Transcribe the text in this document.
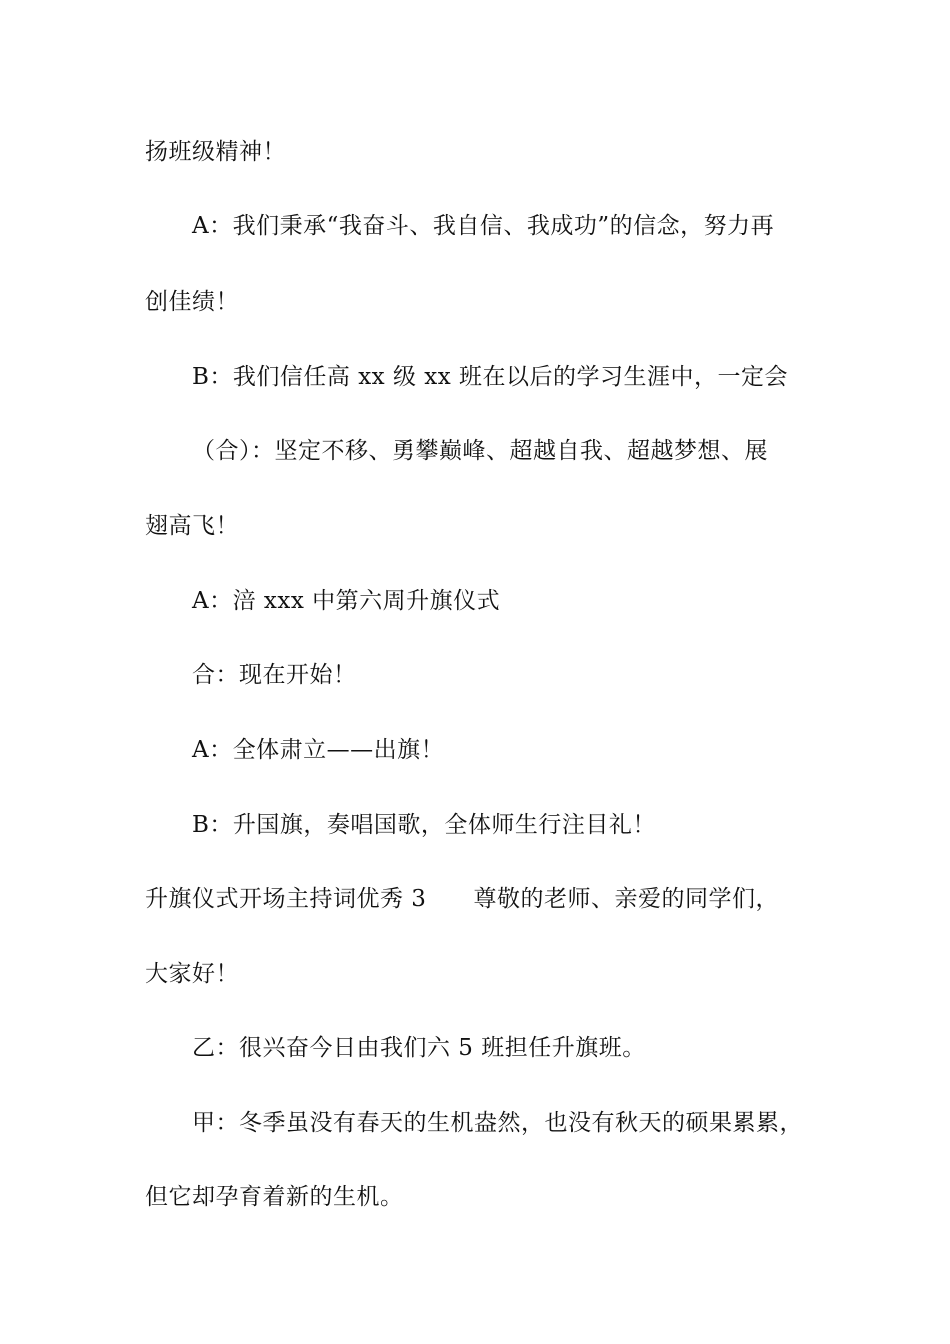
扬班级精神！
A：我们秉承“我奋斗、我自信、我成功”的信念，努力再
创佳绩！
B：我们信任高 xx 级 xx 班在以后的学习生涯中，一定会
（合）：坚定不移、勇攀巅峰、超越自我、超越梦想、展
翅高飞！
A：涪 xxx 中第六周升旗仪式
合：现在开始！
A：全体肃立——出旗！
B：升国旗，奏唱国歌，全体师生行注目礼！
升旗仪式开场主持词优秀 3　　尊敬的老师、亲爱的同学们，
大家好！
乙：很兴奋今日由我们六 5 班担任升旗班。
甲：冬季虽没有春天的生机盎然，也没有秋天的硕果累累，
但它却孕育着新的生机。
